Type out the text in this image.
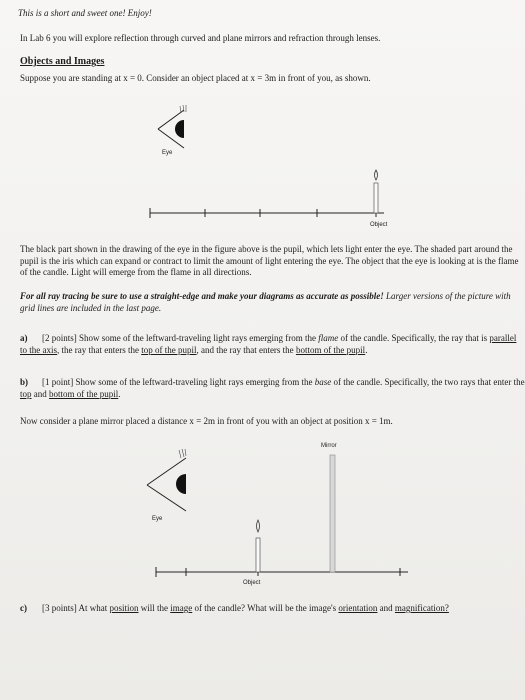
This is a short and sweet one! Enjoy!
In Lab 6 you will explore reflection through curved and plane mirrors and refraction through lenses.
Objects and Images
Suppose you are standing at x = 0. Consider an object placed at x = 3m in front of you, as shown.
Eye
Object
The black part shown in the drawing of the eye in the figure above is the pupil, which lets light enter the eye. The shaded part around the pupil is the iris which can expand or contract to limit the amount of light entering the eye. The object that the eye is looking at is the flame of the candle. Light will emerge from the flame in all directions.
For all ray tracing be sure to use a straight-edge and make your diagrams as accurate as possible! Larger versions of the picture with grid lines are included in the last page.
a) [2 points] Show some of the leftward-traveling light rays emerging from the flame of the candle. Specifically, the ray that is parallel to the axis, the ray that enters the top of the pupil, and the ray that enters the bottom of the pupil.
b) [1 point] Show some of the leftward-traveling light rays emerging from the base of the candle. Specifically, the two rays that enter the top and bottom of the pupil.
Now consider a plane mirror placed a distance x = 2m in front of you with an object at position x = 1m.
Mirror
Eye
Object
c) [3 points] At what position will the image of the candle? What will be the image's orientation and magnification?
